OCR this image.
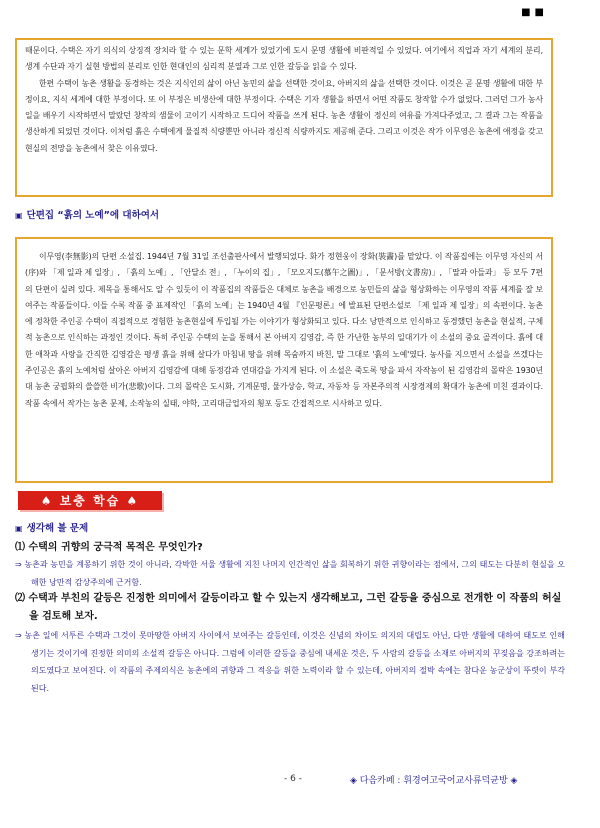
■ ■

때문이다. 수택은 자기 의식의 상징적 장치라 할 수 있는 문학 세계가 있었기에 도시 문명 생활에 비판적일 수 있었다. 여기에서 직업과 자기 세계의 분리, 생계 수단과 자기 실현 방법의 분리로 인한 현대인의 심리적 분열과 그로 인한 갈등을 읽을 수 있다.

한편 수택이 농촌 생활을 동경하는 것은 지식인의 삶이 아닌 농민의 삶을 선택한 것이요, 아버지의 삶을 선택한 것이다. 이것은 곧 문명 생활에 대한 부정이요, 지식 세계에 대한 부정이다. 또 이 부정은 비생산에 대한 부정이다. 수택은 기자 생활을 하면서 어떤 작품도 창작할 수가 없었다. 그러던 그가 농사일을 배우기 시작하면서 말랐던 창작의 샘물이 고이기 시작하고 드디어 작품을 쓰게 된다. 농촌 생활이 정신의 여유를 가져다주었고, 그 결과 그는 작품을 생산하게 되었던 것이다. 이처럼 흙은 수택에게 물질적 식량뿐만 아니라 정신적 식량까지도 제공해 준다. 그리고 이것은 작가 이무영은 농촌에 애정을 갖고 현실의 전망을 농촌에서 찾은 이유였다.

▣ 단편집 “흙의 노예”에 대하여서

이무영(李無影)의 단편 소설집. 1944년 7월 31일 조선출판사에서 발행되었다. 화가 정현웅이 장화(裝畵)를 맡았다. 이 작품집에는 이무영 자신의 서(序)와 「제 일과 제 일장」, 「흙의 노예」, 「안달소 전」, 「누이의 집」, 「모오지도(慕午之圖)」, 「문서방(文書房)」, 「딸과 아들과」 등 모두 7편의 단편이 실려 있다. 제목을 통해서도 알 수 있듯이 이 작품집의 작품들은 대체로 농촌을 배경으로 농민들의 삶을 형상화하는 이무영의 작품 세계를 잘 보여주는 작품들이다. 이들 수록 작품 중 표제작인 「흙의 노예」는 1940년 4월 『인문평론』에 발표된 단편소설로 「제 일과 제 일장」의 속편이다. 농촌에 정착한 주인공 수택이 직접적으로 경험한 농촌현실에 투입될 가는 이야기가 형상화되고 있다. 다소 낭만적으로 인식하고 동경했던 농촌을 현실적, 구체적 농촌으로 인식하는 과정인 것이다. 특히 주인공 수택의 눈을 통해서 본 아버지 김영감, 즉 한 가난한 농부의 일대기가 이 소설의 중요 골격이다. 흙에 대한 애착과 사랑을 간직한 김영감은 평생 흙을 위해 살다가 마침내 땅을 위해 목숨까지 바친, 말 그대로 '흙의 노예'였다. 농사를 지으면서 소설을 쓰겠다는 주인공은 흙의 노예처럼 살아온 아버지 김영감에 대해 동정감과 연대감을 가지게 된다. 이 소설은 죽도록 땅을 파서 자작농이 된 김영감의 몰락은 1930년대 농촌 궁핍화의 쓸쓸한 비가(悲歌)이다. 그의 몰락은 도시화, 기계문명, 물가상승, 학교, 자동차 등 자본주의적 시장경제의 확대가 농촌에 미친 결과이다. 작품 속에서 작가는 농촌 문제, 소작농의 실태, 야학, 고리대금업자의 횡포 등도 간접적으로 시사하고 있다.

♠ 보충 학습 ♠
▣ 생각해 볼 문제
⑴ 수택의 귀향의 궁극적 목적은 무엇인가?
⇒ 농촌과 농민을 계몽하기 위한 것이 아니라, 각박한 서울 생활에 지친 나머지 인간적인 삶을 회복하기 위한 귀향이라는 점에서, 그의 태도는 다분히 현실을 오해한 낭만적 감상주의에 근거함.
⑵ 수택과 부친의 갈등은 진정한 의미에서 갈등이라고 할 수 있는지 생각해보고, 그런 갈등을 중심으로 전개한 이 작품의 허실을 검토해 보자.
⇒ 농촌 일에 서투른 수택과 그것이 못마땅한 아버지 사이에서 보여주는 갈등인데, 이것은 신념의 차이도 의지의 대립도 아닌, 다만 생활에 대하여 태도로 인해 생기는 것이기에 진정한 의미의 소설적 갈등은 아니다. 그럼에 이러한 갈등을 중심에 내세운 것은, 두 사람의 갈등을 소재로 아버지의 꾸짖음을 강조하려는 의도였다고 보여진다. 이 작품의 주제의식은 농촌에의 귀향과 그 적응을 위한 노력이라 할 수 있는데, 아버지의 절박 속에는 참다운 농군상이 뚜렷이 부각된다.
- 6 -	◈ 다음카페 : 휘경여고국어교사류덕균방 ◈
